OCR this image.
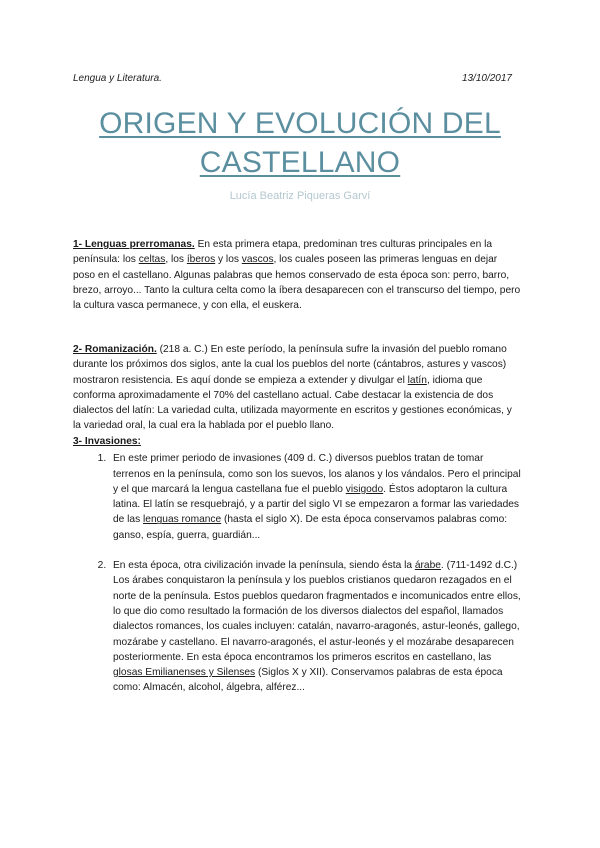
Lengua y Literatura.	13/10/2017
ORIGEN Y EVOLUCIÓN DEL CASTELLANO
Lucía Beatriz Piqueras Garví

1- Lenguas prerromanas. En esta primera etapa, predominan tres culturas principales en la península: los celtas, los íberos y los vascos, los cuales poseen las primeras lenguas en dejar poso en el castellano. Algunas palabras que hemos conservado de esta época son: perro, barro, brezo, arroyo... Tanto la cultura celta como la íbera desaparecen con el transcurso del tiempo, pero la cultura vasca permanece, y con ella, el euskera.

2- Romanización. (218 a. C.) En este período, la península sufre la invasión del pueblo romano durante los próximos dos siglos, ante la cual los pueblos del norte (cántabros, astures y vascos) mostraron resistencia. Es aquí donde se empieza a extender y divulgar el latín, idioma que conforma aproximadamente el 70% del castellano actual. Cabe destacar la existencia de dos dialectos del latín: La variedad culta, utilizada mayormente en escritos y gestiones económicas, y la variedad oral, la cual era la hablada por el pueblo llano.

3- Invasiones:

1. En este primer periodo de invasiones (409 d. C.) diversos pueblos tratan de tomar terrenos en la península, como son los suevos, los alanos y los vándalos. Pero el principal y el que marcará la lengua castellana fue el pueblo visigodo. Éstos adoptaron la cultura latina. El latín se resquebrajó, y a partir del siglo VI se empezaron a formar las variedades de las lenguas romance (hasta el siglo X). De esta época conservamos palabras como: ganso, espía, guerra, guardián...

2. En esta época, otra civilización invade la península, siendo ésta la árabe. (711-1492 d.C.) Los árabes conquistaron la península y los pueblos cristianos quedaron rezagados en el norte de la península. Estos pueblos quedaron fragmentados e incomunicados entre ellos, lo que dio como resultado la formación de los diversos dialectos del español, llamados dialectos romances, los cuales incluyen: catalán, navarro-aragonés, astur-leonés, gallego, mozárabe y castellano. El navarro-aragonés, el astur-leonés y el mozárabe desaparecen posteriormente. En esta época encontramos los primeros escritos en castellano, las glosas Emilianenses y Silenses (Siglos X y XII). Conservamos palabras de esta época como: Almacén, alcohol, álgebra, alférez...
